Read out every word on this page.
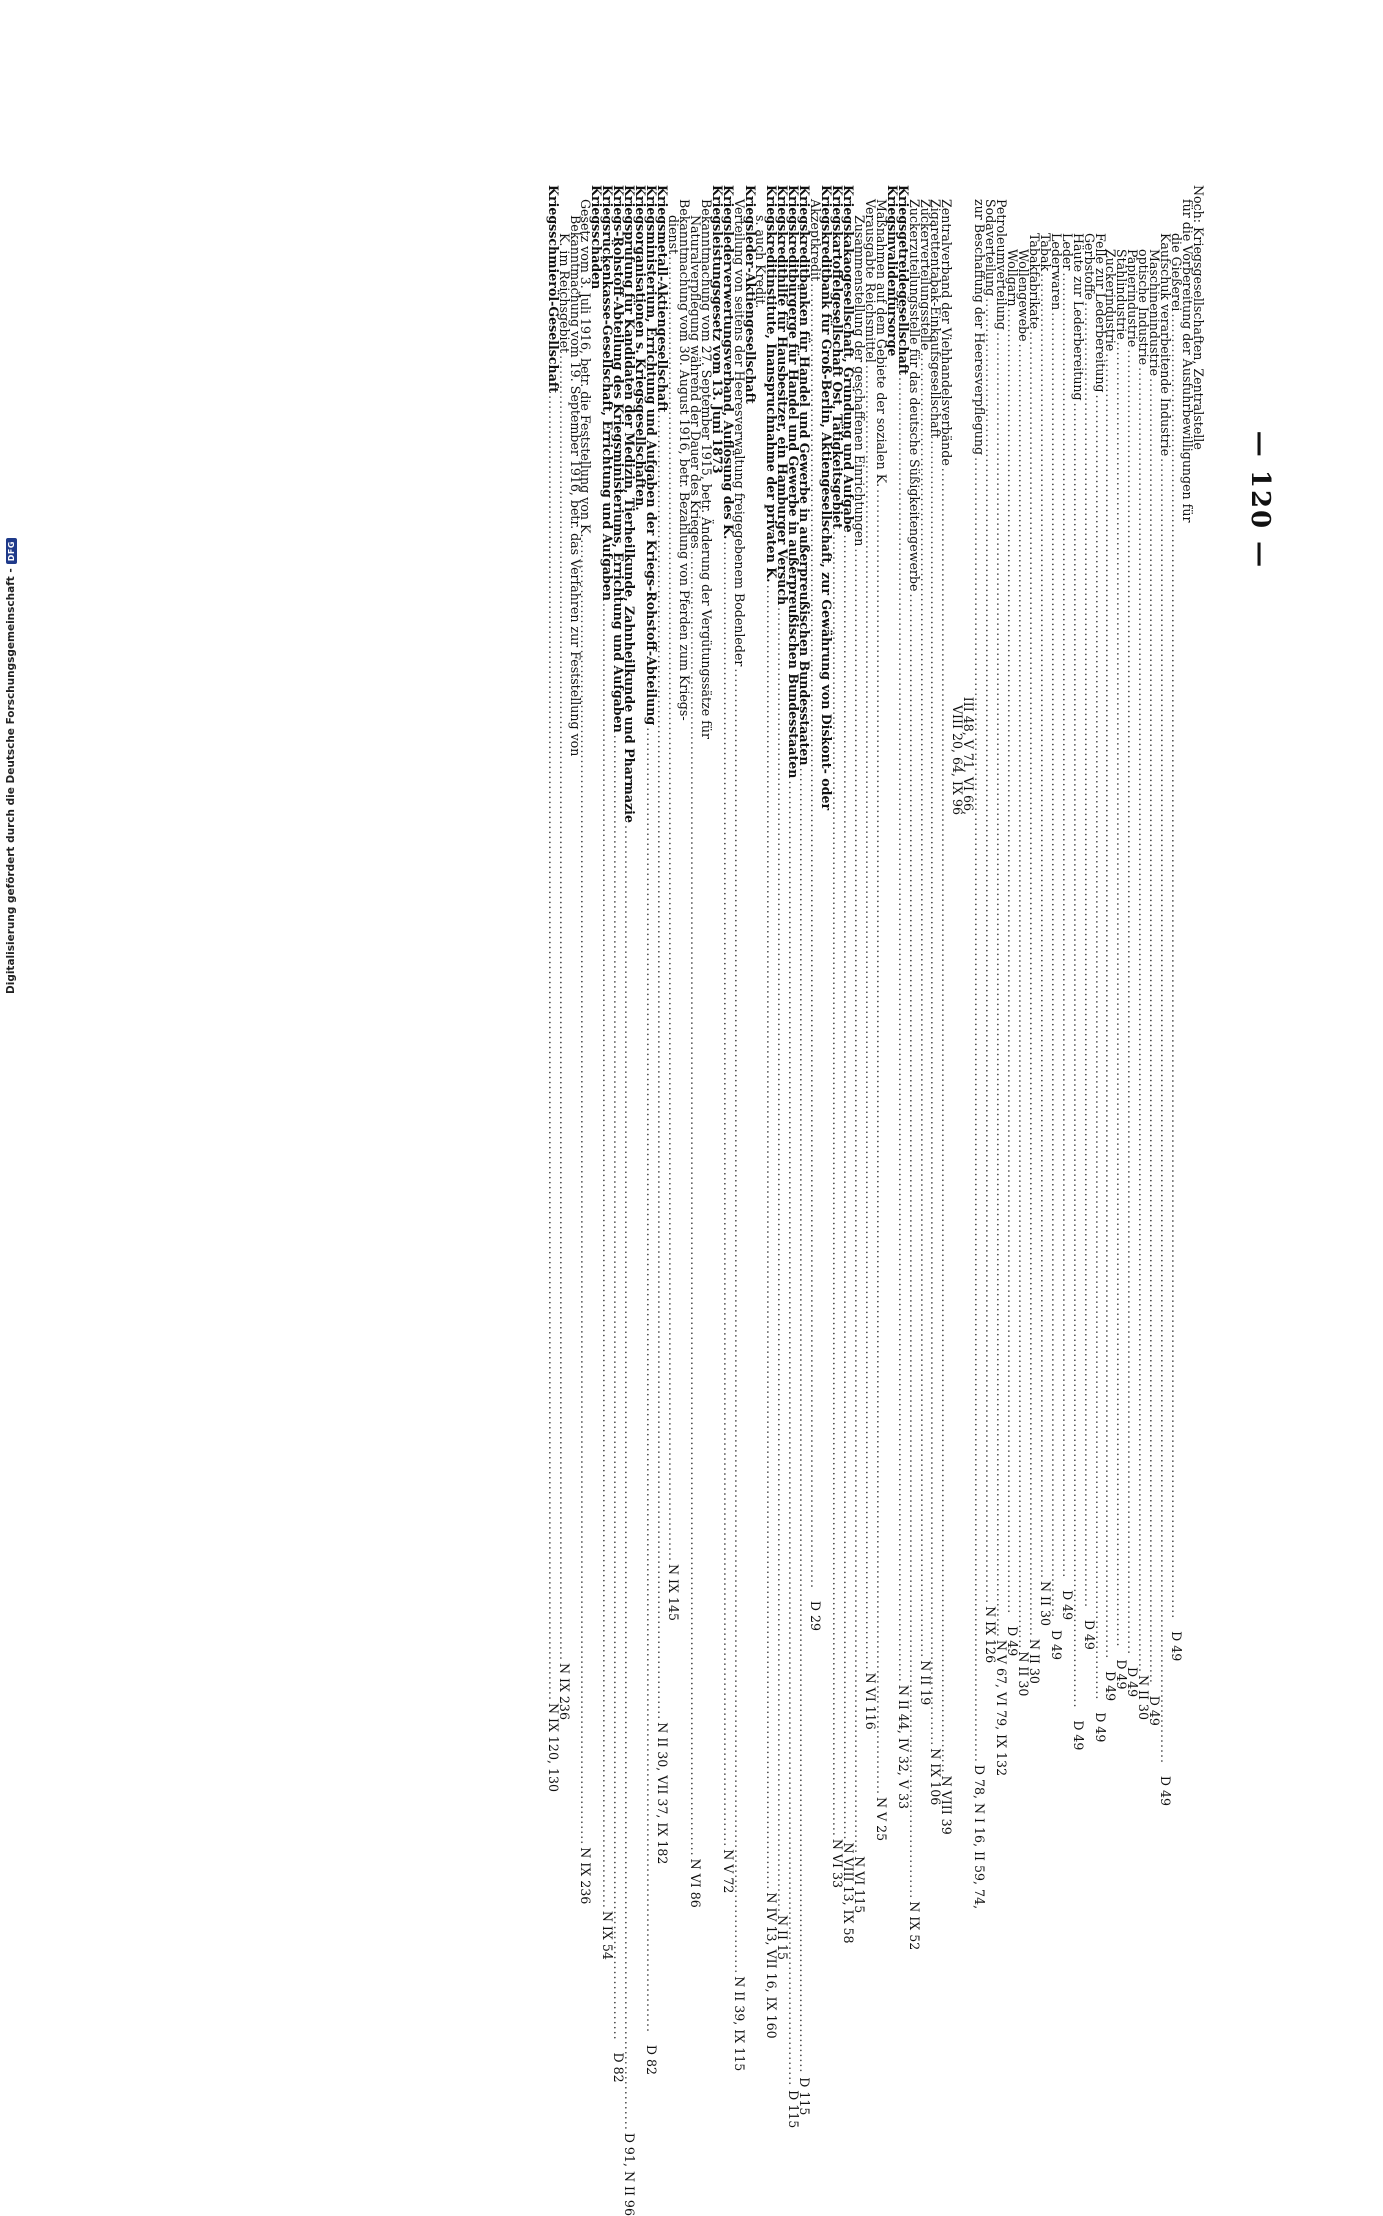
— 120 —
Noch: Kriegsgesellschaften, Zentralstelle
für die Vorbereitung der Ausfuhrbewilligungen für
die Gießerei
.....
D 49
Kaufschuk verarbeitende Industrie
.....
D 49
Maschinenindustrie
.....
D 49
optische Industrie
.....
N II 30
Papierindustrie
.....
D 49
Stahlindustrie
.....
D 49
Zuckerindustrie
.....
D 49
Felle zur Lederbereitung
.....
D 49
Gerbstoffe
.....
D 49
Häute zur Lederbereitung
.....
D 49
Leder
.....
D 49
Lederwaren
.....
D 49
Tabak
.....
N II 30
Tabakfabrikate
.....
N II 30
Wollengewebe
.....
N II 30
Wollgarn
.....
D 49
Petroleumverteilung
.....
N V 67, VI 79, IX 132
Sodaverteilung
.....
N IX 126
zur Beschaffung der Heeresverpflegung
.....
D 78, N I 16, II 59, 74,
III 48, V 71, VI 66,
VIII 20, 64, IX 96
Zentralverband der Viehhandelsverbände
.....
N VIII 39
Zigarettentabak-Einkaufsgesellschaft
.....
N IX 106
Zuckerverteilungsstelle
.....
N II 19
Zuckerzuteilungsstelle für das deutsche Süßigkeitengewerbe
.....
N IX 52
Kriegsgetreidegesellschaft
.....
N II 44, IV 32, V 33
Kriegsinvalidenfürsorge
Maßnahmen auf dem Gebiete der sozialen K.
.....
N V 25
Verausgabte Reichsmittel
.....
N VI 116
Zusammenstellung der geschaffenen Einrichtungen
.....
N VI 115
Kriegskakaogesellschaft, Gründung und Aufgabe
.....
N VIII 13, IX 58
Kriegskartoffelgesellschaft Ost, Tätigkeitsgebiet
.....
N VI 33
Kriegskreditbank für Groß-Berlin, Aktiengesellschaft, zur Gewährung von Diskont- oder
Akzeptkredit
.....
D 29
Kriegskreditbanken für Handel und Gewerbe in außerpreußischen Bundesstaaten
.....
D 115
Kriegskreditbürgerge für Handel und Gewerbe in außerpreußischen Bundesstaaten
.....
D 115
Kriegskredithilfe für Hausbesitzer, ein Hamburger Versuch
.....
N II 15
Kriegskreditinstitute, Inanspruchnahme der privaten K.
.....
N IV 13, VII 16, IX 160
s. auch Kredit.
Kriegsleder-Aktiengesellschaft
Verteilung von seitens der Heeresverwaltung freigegebenem Bodenleder
.....
N II 39, IX 115
Kriegslederverwertungsverband, Auflösung des K.
.....
N V 72
Kriegsleistungsgesetz vom 13. Juni 1873
Bekanntmachung vom 27. September 1915, betr. Änderung der Vergütungssätze für
Naturalverpflegung während der Dauer des Krieges
.....
N VI 86
Bekanntmachung vom 30. August 1916, betr. Bezahlung von Pferden zum Kriegs-
dienst
.....
N IX 145
Kriegsmetall-Aktiengesellschaft
.....
N II 30, VII 37, IX 182
Kriegsministerium, Errichtung und Aufgaben der Kriegs-Rohstoff-Abteilung
.....
D 82
Kriegsorganisationen s. Kriegsgesellschaften.
Kriegsprüfung für Kandidaten der Medizin, Tierheilkunde, Zahnheilkunde und Pharmazie
.....
D 91, N II 96
Kriegs-Rohstoff-Abteilung des Kriegsministeriums, Errichtung und Aufgaben
.....
D 82
Kriegsrückenkasse-Gesellschaft, Errichtung und Aufgaben
.....
N IX 54
Kriegsschäden
Gesetz vom 3. Juli 1916, betr. die Feststellung von K.
.....
N IX 236
Bekanntmachung vom 19. September 1916, betr. das Verfahren zur Feststellung von
K. im Reichsgebiet
.....
N IX 236
Kriegsschmieröl-Gesellschaft
.....
N IX 120, 130
Digitalisierung gefördert durch die Deutsche Forschungsgemeinschaft -
DFG
